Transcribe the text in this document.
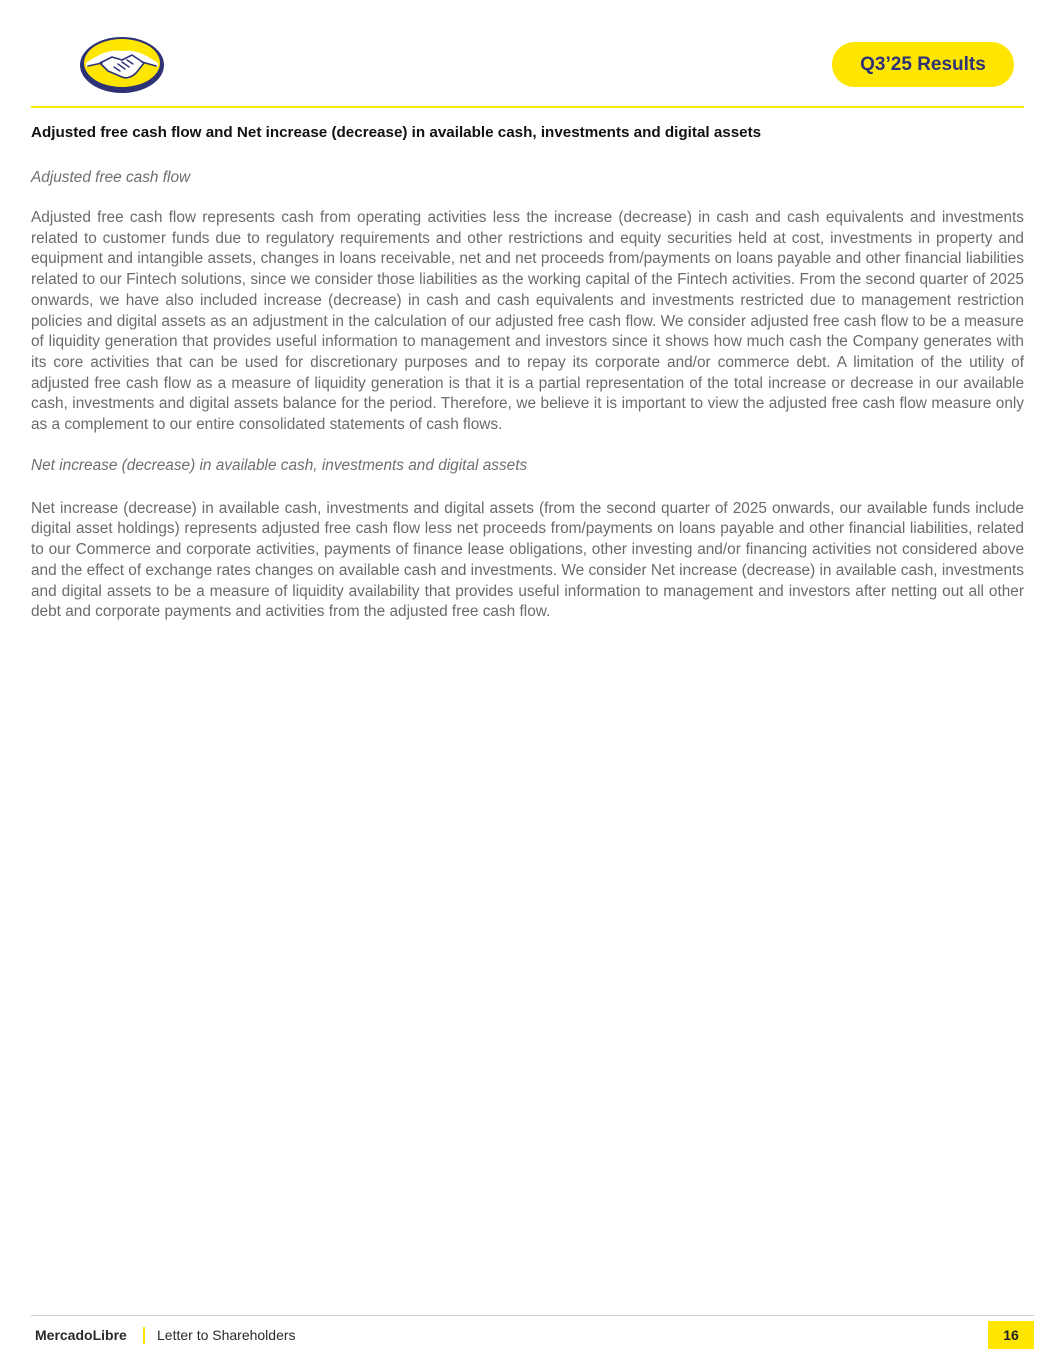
Q3’25 Results
Adjusted free cash flow and Net increase (decrease) in available cash, investments and digital assets

Adjusted free cash flow

Adjusted free cash flow represents cash from operating activities less the increase (decrease) in cash and cash equivalents and investments related to customer funds due to regulatory requirements and other restrictions and equity securities held at cost, investments in property and equipment and intangible assets, changes in loans receivable, net and net proceeds from/payments on loans payable and other financial liabilities related to our Fintech solutions, since we consider those liabilities as the working capital of the Fintech activities. From the second quarter of 2025 onwards, we have also included increase (decrease) in cash and cash equivalents and investments restricted due to management restriction policies and digital assets as an adjustment in the calculation of our adjusted free cash flow. We consider adjusted free cash flow to be a measure of liquidity generation that provides useful information to management and investors since it shows how much cash the Company generates with its core activities that can be used for discretionary purposes and to repay its corporate and/or commerce debt. A limitation of the utility of adjusted free cash flow as a measure of liquidity generation is that it is a partial representation of the total increase or decrease in our available cash, investments and digital assets balance for the period. Therefore, we believe it is important to view the adjusted free cash flow measure only as a complement to our entire consolidated statements of cash flows.

Net increase (decrease) in available cash, investments and digital assets

Net increase (decrease) in available cash, investments and digital assets (from the second quarter of 2025 onwards, our available funds include digital asset holdings) represents adjusted free cash flow less net proceeds from/payments on loans payable and other financial liabilities, related to our Commerce and corporate activities, payments of finance lease obligations, other investing and/or financing activities not considered above and the effect of exchange rates changes on available cash and investments. We consider Net increase (decrease) in available cash, investments and digital assets to be a measure of liquidity availability that provides useful information to management and investors after netting out all other debt and corporate payments and activities from the adjusted free cash flow.

MercadoLibre Letter to Shareholders	16
